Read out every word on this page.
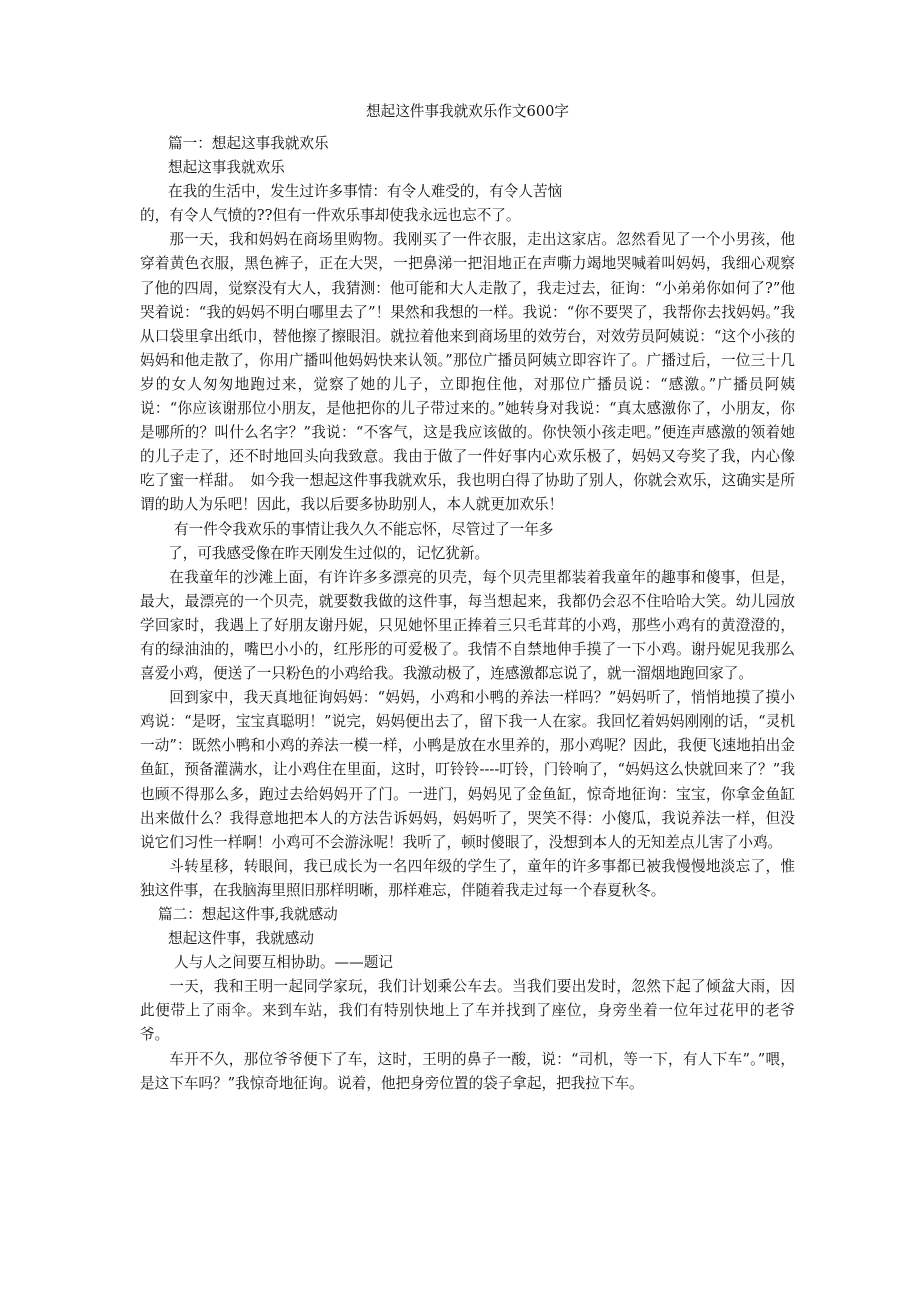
想起这件事我就欢乐作文600字

篇一：想起这事我就欢乐

想起这事我就欢乐

在我的生活中，发生过许多事情：有令人难受的，有令人苦恼

的，有令人气愤的??但有一件欢乐事却使我永远也忘不了。

那一天，我和妈妈在商场里购物。我刚买了一件衣服，走出这家店。忽然看见了一个小男孩，他穿着黄色衣服，黑色裤子，正在大哭，一把鼻涕一把泪地正在声嘶力竭地哭喊着叫妈妈，我细心观察了他的四周，觉察没有大人，我猜测：他可能和大人走散了，我走过去，征询：“小弟弟你如何了?”他哭着说：“我的妈妈不明白哪里去了”！果然和我想的一样。我说：“你不要哭了，我帮你去找妈妈。”我从口袋里拿出纸巾，替他擦了擦眼泪。就拉着他来到商场里的效劳台，对效劳员阿姨说：“这个小孩的妈妈和他走散了，你用广播叫他妈妈快来认领。”那位广播员阿姨立即容许了。广播过后，一位三十几岁的女人匆匆地跑过来，觉察了她的儿子，立即抱住他，对那位广播员说：“感激。”广播员阿姨说：“你应该谢那位小朋友，是他把你的儿子带过来的。”她转身对我说：“真太感激你了，小朋友，你是哪所的？叫什么名字？”我说：“不客气，这是我应该做的。你快领小孩走吧。”便连声感激的领着她的儿子走了，还不时地回头向我致意。我由于做了一件好事内心欢乐极了，妈妈又夸奖了我，内心像吃了蜜一样甜。　如今我一想起这件事我就欢乐，我也明白得了协助了别人，你就会欢乐，这确实是所谓的助人为乐吧！因此，我以后要多协助别人，本人就更加欢乐！

有一件令我欢乐的事情让我久久不能忘怀，尽管过了一年多

了，可我感受像在昨天刚发生过似的，记忆犹新。

在我童年的沙滩上面，有许许多多漂亮的贝壳，每个贝壳里都装着我童年的趣事和傻事，但是，最大，最漂亮的一个贝壳，就要数我做的这件事，每当想起来，我都仍会忍不住哈哈大笑。幼儿园放学回家时，我遇上了好朋友谢丹妮，只见她怀里正捧着三只毛茸茸的小鸡，那些小鸡有的黄澄澄的，有的绿油油的，嘴巴小小的，红彤彤的可爱极了。我情不自禁地伸手摸了一下小鸡。谢丹妮见我那么喜爱小鸡，便送了一只粉色的小鸡给我。我激动极了，连感激都忘说了，就一溜烟地跑回家了。

回到家中，我天真地征询妈妈：“妈妈，小鸡和小鸭的养法一样吗？”妈妈听了，悄悄地摸了摸小鸡说：“是呀，宝宝真聪明！”说完，妈妈便出去了，留下我一人在家。我回忆着妈妈刚刚的话，“灵机一动”：既然小鸭和小鸡的养法一模一样，小鸭是放在水里养的，那小鸡呢？因此，我便飞速地拍出金鱼缸，预备灌满水，让小鸡住在里面，这时，叮铃铃----叮铃，门铃响了，“妈妈这么快就回来了？”我也顾不得那么多，跑过去给妈妈开了门。一进门，妈妈见了金鱼缸，惊奇地征询：宝宝，你拿金鱼缸出来做什么？我得意地把本人的方法告诉妈妈，妈妈听了，哭笑不得：小傻瓜，我说养法一样，但没说它们习性一样啊！小鸡可不会游泳呢！我听了，顿时傻眼了，没想到本人的无知差点儿害了小鸡。

斗转星移，转眼间，我已成长为一名四年级的学生了，童年的许多事都已被我慢慢地淡忘了，惟独这件事，在我脑海里照旧那样明晰，那样难忘，伴随着我走过每一个春夏秋冬。

篇二：想起这件事,我就感动

想起这件事，我就感动

人与人之间要互相协助。——题记

一天，我和王明一起同学家玩，我们计划乘公车去。当我们要出发时，忽然下起了倾盆大雨，因此便带上了雨伞。来到车站，我们有特别快地上了车并找到了座位，身旁坐着一位年过花甲的老爷爷。

车开不久，那位爷爷便下了车，这时，王明的鼻子一酸，说：“司机，等一下，有人下车”。”喂，是这下车吗？”我惊奇地征询。说着，他把身旁位置的袋子拿起，把我拉下车。
